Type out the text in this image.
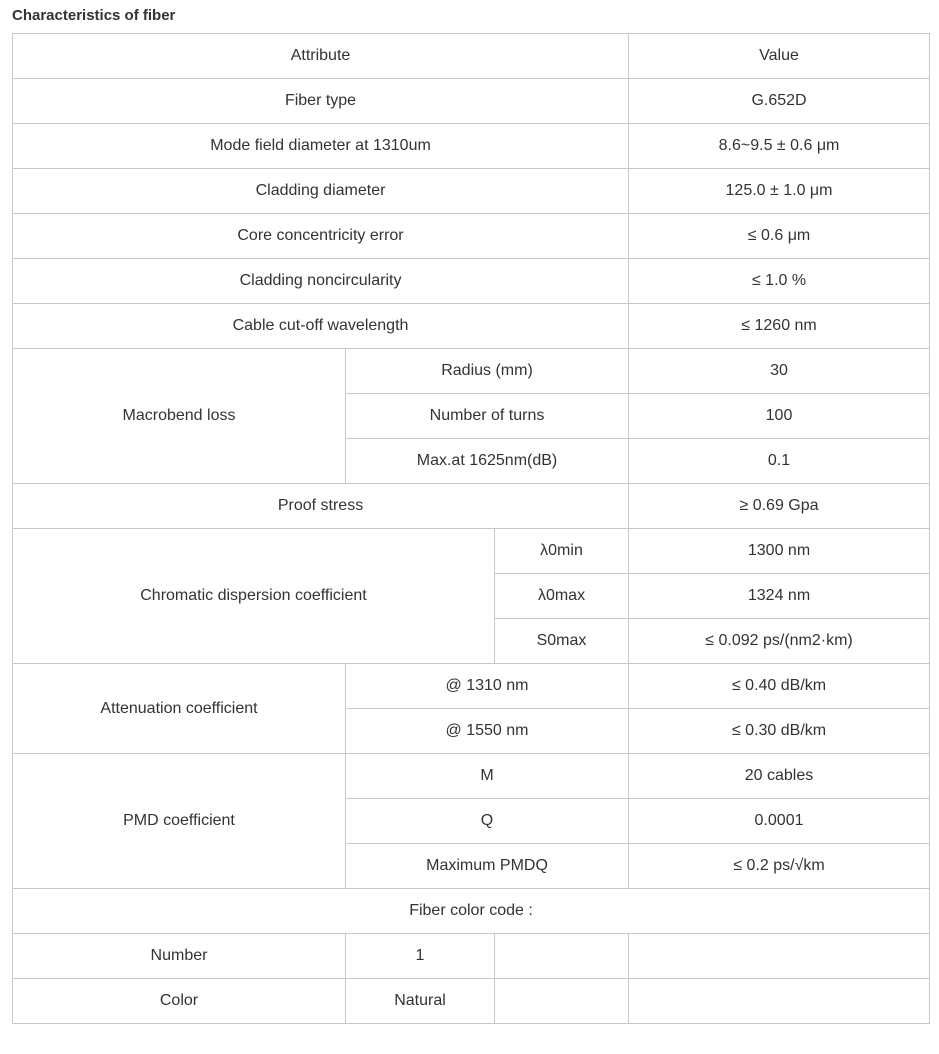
Characteristics of fiber
Attribute			Value
Fiber type			G.652D
Mode field diameter at 1310um			8.6~9.5 ± 0.6 μm
Cladding diameter			125.0 ± 1.0 μm
Core concentricity error			≤ 0.6 μm
Cladding noncircularity			≤ 1.0 %
Cable cut-off wavelength			≤ 1260 nm
Macrobend loss	Radius (mm)		30
	Number of turns		100
	Max.at 1625nm(dB)		0.1
Proof stress			≥ 0.69 Gpa
Chromatic dispersion coefficient		λ0min	1300 nm
		λ0max	1324 nm
		S0max	≤ 0.092 ps/(nm2·km)
Attenuation coefficient	@ 1310 nm		≤ 0.40 dB/km
	@ 1550 nm		≤ 0.30 dB/km
PMD coefficient	M		20 cables
	Q		0.0001
	Maximum PMDQ		≤ 0.2 ps/√km
Fiber color code :			
Number	1		
Color	Natural		
